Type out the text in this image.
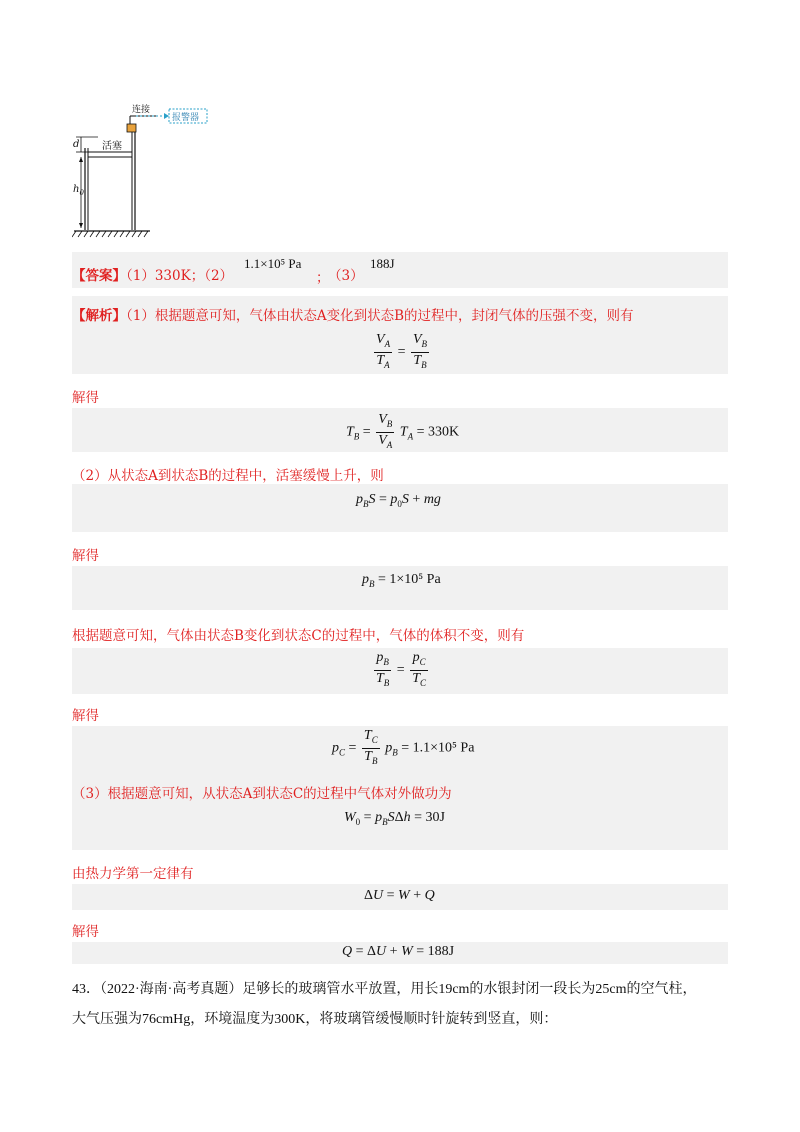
连接
报警器
活塞
d
$h_0$
【答案】（1）330K；（2）
1.1×10⁵ Pa
；
（3）
188J
【解析】（1）根据题意可知，气体由状态A变化到状态B的过程中，封闭气体的压强不变，则有
$\frac{V_A}{T_A} = \frac{V_B}{T_B}$
解得
$T_B = \frac{V_B}{V_A} T_A = 330K$
（2）从状态A到状态B的过程中，活塞缓慢上升，则
$p_BS = p_0S$ + mg
解得
$p_B = 1\times 10^5$ Pa
根据题意可知，气体由状态B变化到状态C的过程中，气体的体积不变，则有
$\frac{p_B}{T_B} = \frac{p_C}{T_C}$
解得
$p_C = \frac{T_C}{T_B} p_B = 1.1\times 10^5$ Pa
（3）根据题意可知，从状态A到状态C的过程中气体对外做功为
$W_0 = p_BS\Delta h = 30J$
由热力学第一定律有
ΔU = W + Q
解得
Q = ΔU + W = 188J
43．（2022·海南·高考真题）足够长的玻璃管水平放置，用长19cm的水银封闭一段长为25cm的空气柱，
大气压强为76cmHg，环境温度为300K，将玻璃管缓慢顺时针旋转到竖直，则：
